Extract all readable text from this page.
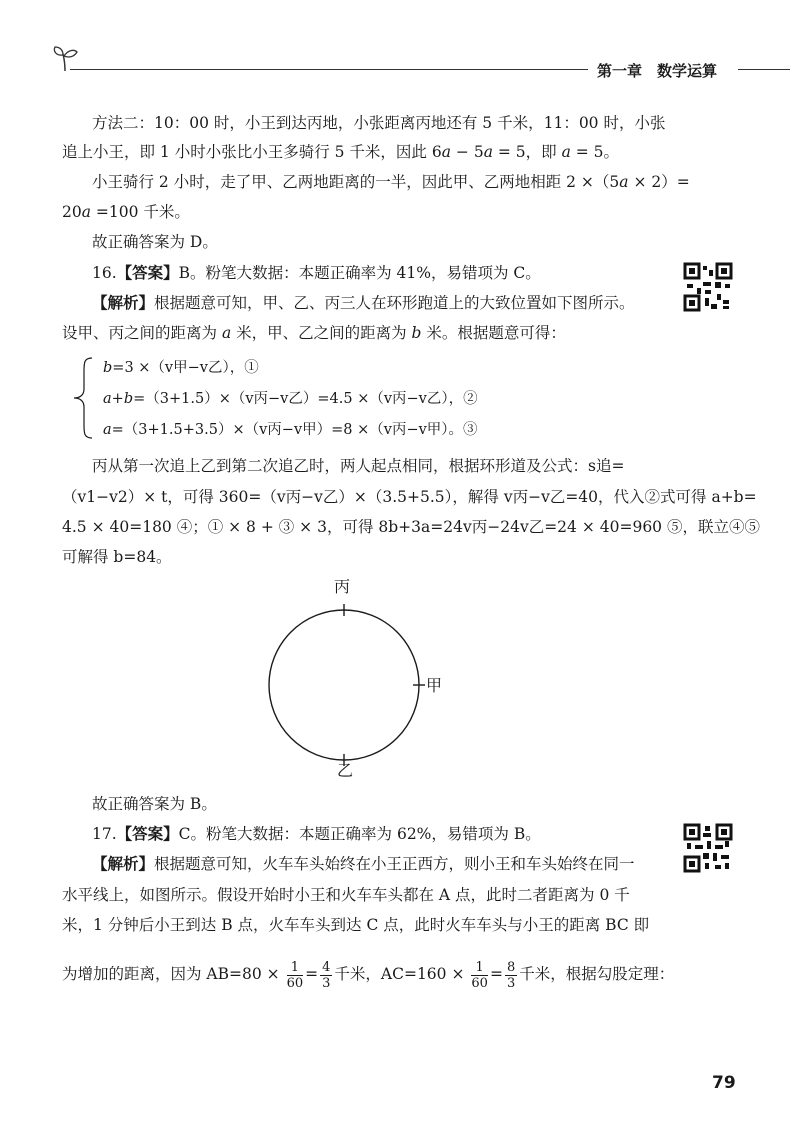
第一章　数学运算
方法二：10：00 时，小王到达丙地，小张距离丙地还有 5 千米，11：00 时，小张
追上小王，即 1 小时小张比小王多骑行 5 千米，因此 6a − 5a = 5，即 a = 5。
小王骑行 2 小时，走了甲、乙两地距离的一半，因此甲、乙两地相距 2 ×（5a × 2）=
20a =100 千米。
故正确答案为 D。
16.【答案】B。粉笔大数据：本题正确率为 41%，易错项为 C。
【解析】根据题意可知，甲、乙、丙三人在环形跑道上的大致位置如下图所示。
设甲、丙之间的距离为 a 米，甲、乙之间的距离为 b 米。根据题意可得：
b=3 ×（v甲−v乙），①
a+b=（3+1.5）×（v丙−v乙）=4.5 ×（v丙−v乙），②
a=（3+1.5+3.5）×（v丙−v甲）=8 ×（v丙−v甲）。③
丙从第一次追上乙到第二次追乙时，两人起点相同，根据环形道及公式：s追=
（v1−v2）× t，可得 360=（v丙−v乙）×（3.5+5.5），解得 v丙−v乙=40，代入②式可得 a+b=
4.5 × 40=180 ④；① × 8 + ③ × 3，可得 8b+3a=24v丙−24v乙=24 × 40=960 ⑤，联立④⑤
可解得 b=84。
丙
甲
乙
故正确答案为 B。
17.【答案】C。粉笔大数据：本题正确率为 62%，易错项为 B。
【解析】根据题意可知，火车车头始终在小王正西方，则小王和车头始终在同一
水平线上，如图所示。假设开始时小王和火车车头都在 A 点，此时二者距离为 0 千
米，1 分钟后小王到达 B 点，火车车头到达 C 点，此时火车车头与小王的距离 BC 即
为增加的距离，因为 $AB=80 \times \frac{1}{60} = \frac{4}{3}$ 千米，$AC=160 \times \frac{1}{60} = \frac{8}{3}$ 千米，根据勾股定理：
79
